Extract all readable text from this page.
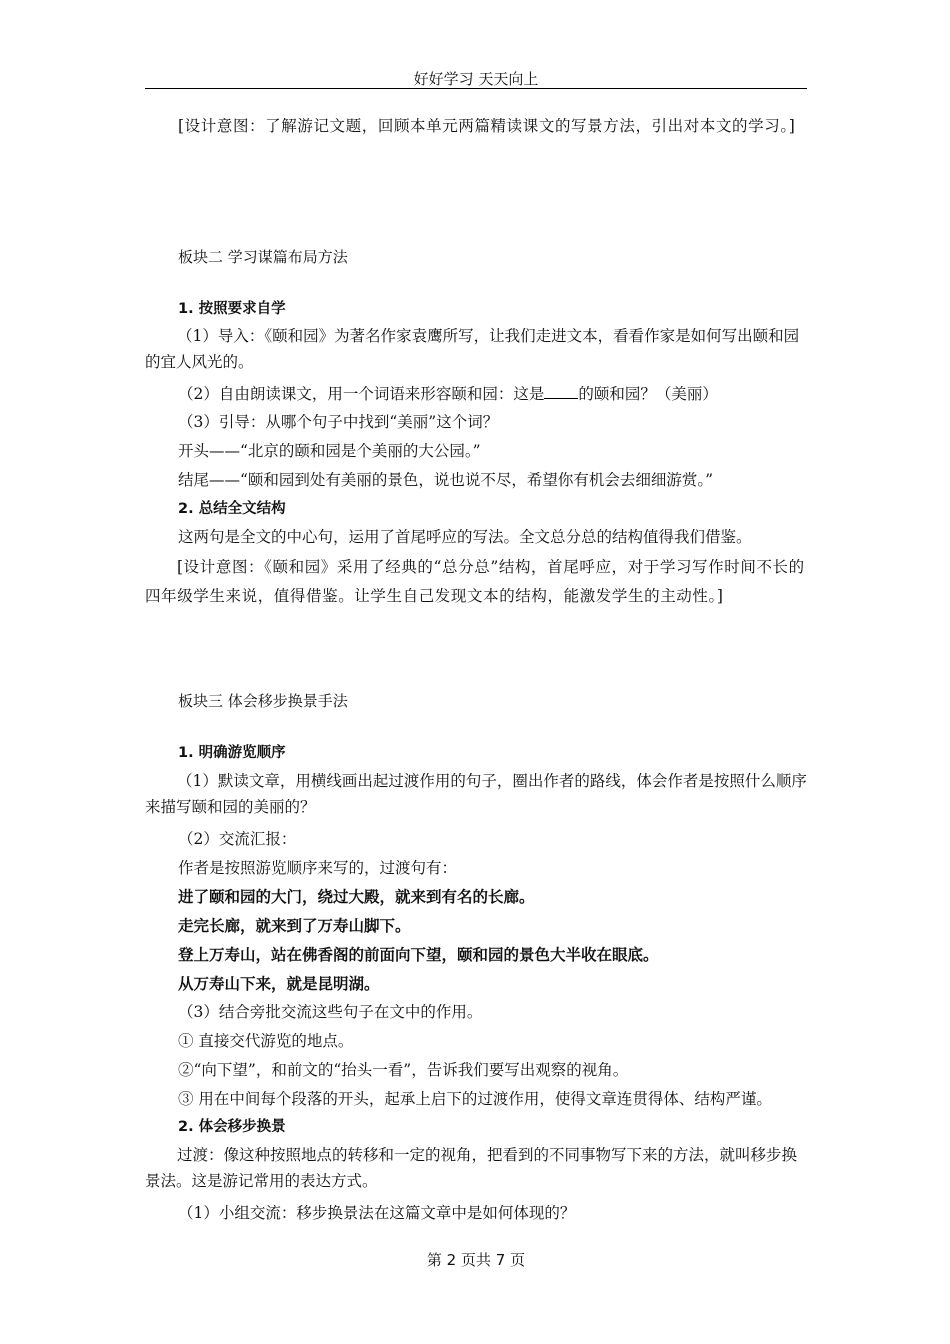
好好学习 天天向上
[设计意图：了解游记文题，回顾本单元两篇精读课文的写景方法，引出对本文的学习。]
板块二 学习谋篇布局方法
1. 按照要求自学
（1）导入：《颐和园》为著名作家袁鹰所写，让我们走进文本，看看作家是如何写出颐和园的宜人风光的。
（2）自由朗读课文，用一个词语来形容颐和园：这是 的颐和园？（美丽）
（3）引导：从哪个句子中找到“美丽”这个词？
开头——“北京的颐和园是个美丽的大公园。”
结尾——“颐和园到处有美丽的景色，说也说不尽，希望你有机会去细细游赏。”
2. 总结全文结构
这两句是全文的中心句，运用了首尾呼应的写法。全文总分总的结构值得我们借鉴。
[设计意图：《颐和园》采用了经典的“总分总”结构，首尾呼应，对于学习写作时间不长的四年级学生来说，值得借鉴。让学生自己发现文本的结构，能激发学生的主动性。]
板块三 体会移步换景手法
1. 明确游览顺序
（1）默读文章，用横线画出起过渡作用的句子，圈出作者的路线，体会作者是按照什么顺序来描写颐和园的美丽的？
（2）交流汇报：
作者是按照游览顺序来写的，过渡句有：
进了颐和园的大门，绕过大殿，就来到有名的长廊。
走完长廊，就来到了万寿山脚下。
登上万寿山，站在佛香阁的前面向下望，颐和园的景色大半收在眼底。
从万寿山下来，就是昆明湖。
（3）结合旁批交流这些句子在文中的作用。
① 直接交代游览的地点。
②“向下望”，和前文的“抬头一看”，告诉我们要写出观察的视角。
③ 用在中间每个段落的开头，起承上启下的过渡作用，使得文章连贯得体、结构严谨。
2. 体会移步换景
过渡：像这种按照地点的转移和一定的视角，把看到的不同事物写下来的方法，就叫移步换景法。这是游记常用的表达方式。
（1）小组交流：移步换景法在这篇文章中是如何体现的？
第 2 页共 7 页
